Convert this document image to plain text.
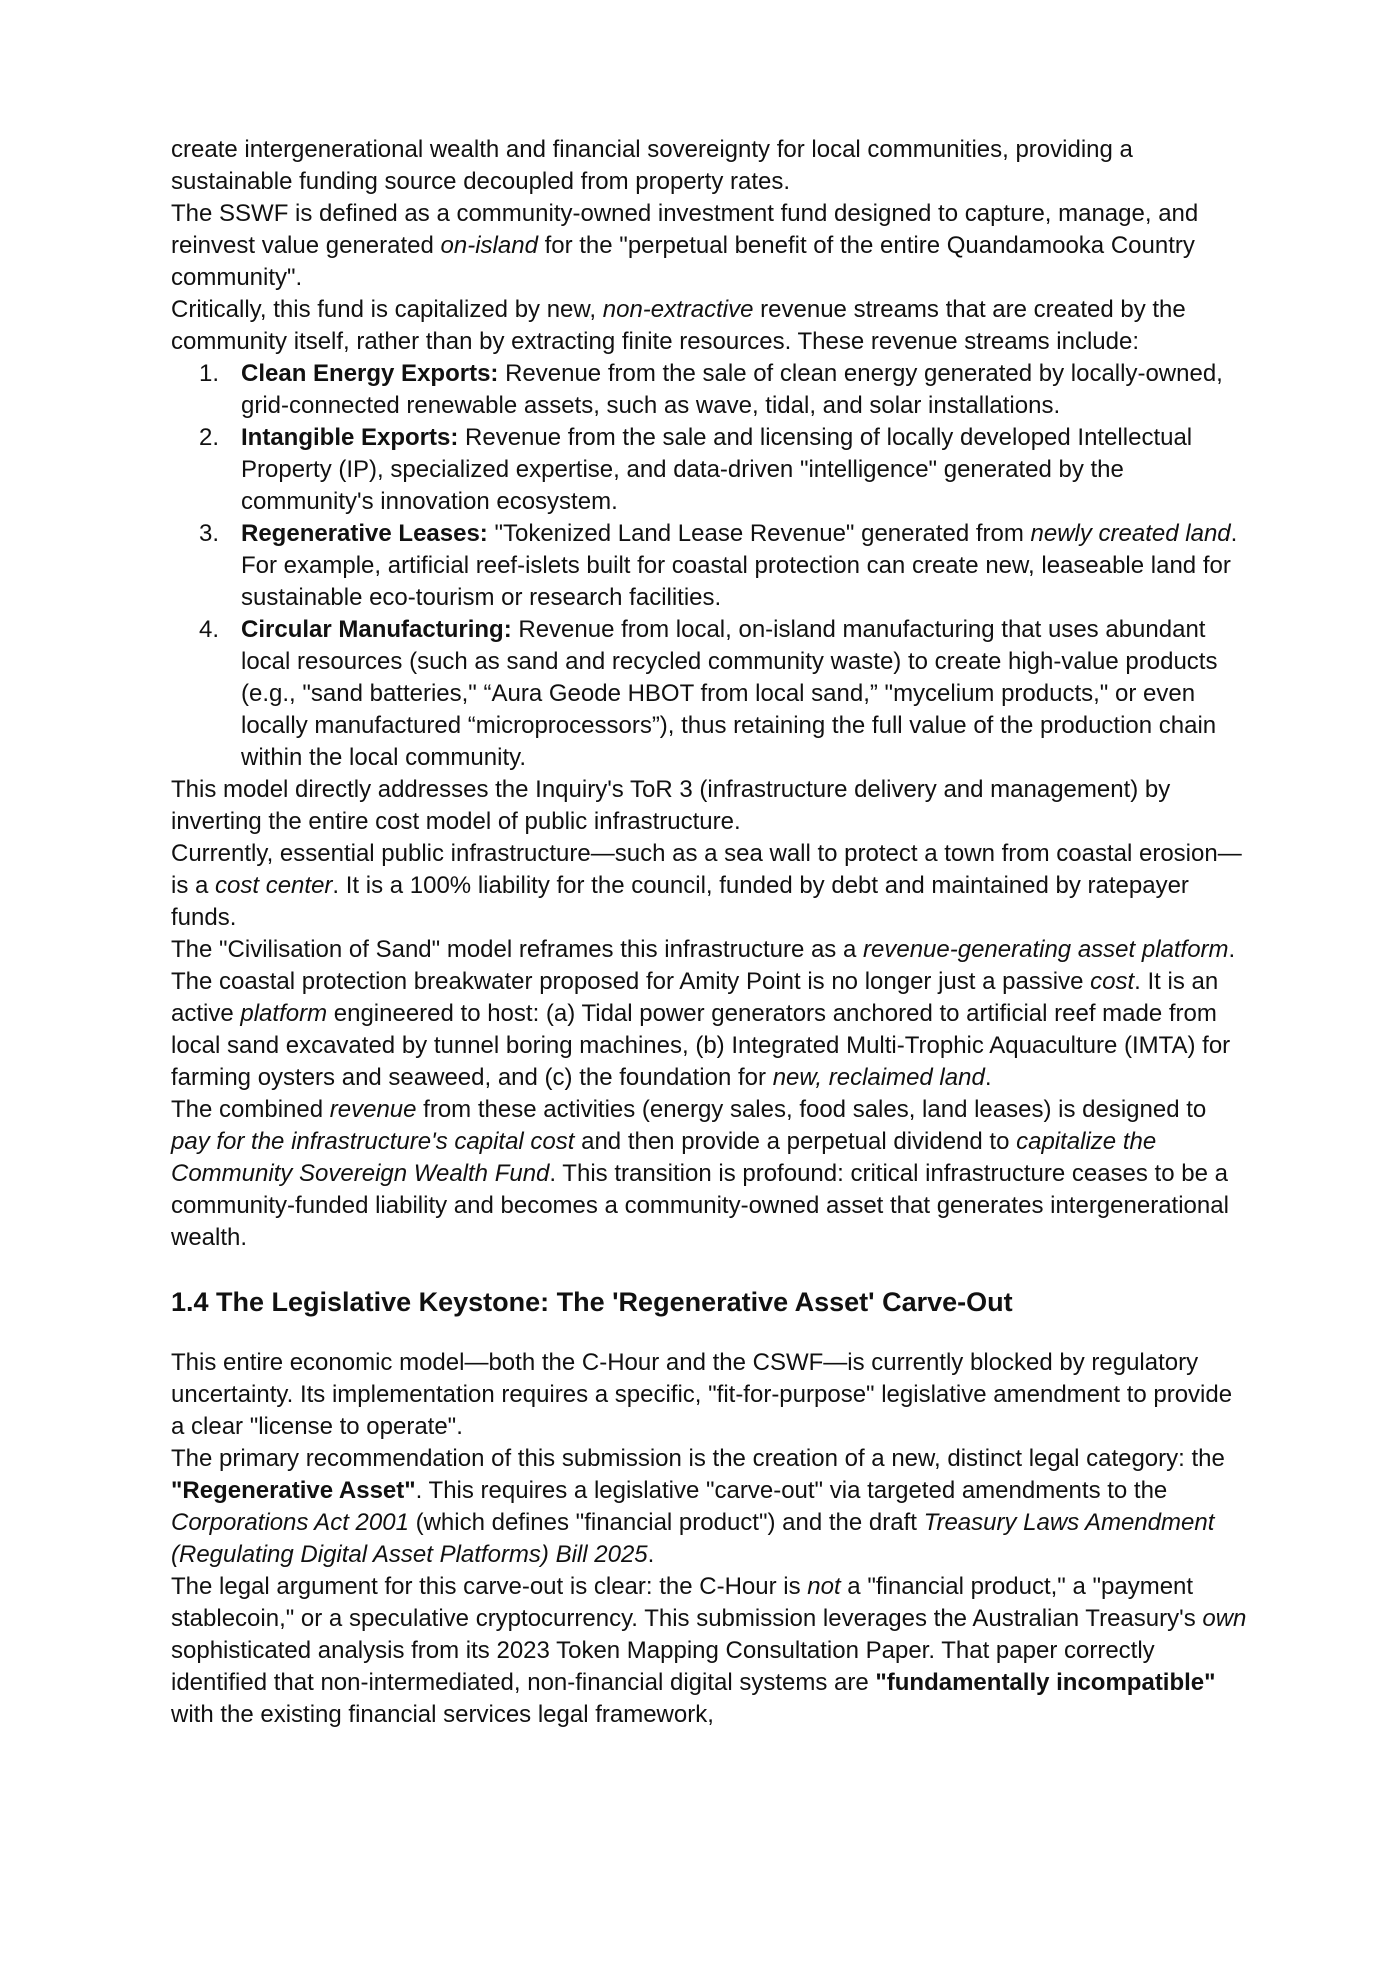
create intergenerational wealth and financial sovereignty for local communities, providing a sustainable funding source decoupled from property rates.

The SSWF is defined as a community-owned investment fund designed to capture, manage, and reinvest value generated on-island for the "perpetual benefit of the entire Quandamooka Country community".

Critically, this fund is capitalized by new, non-extractive revenue streams that are created by the community itself, rather than by extracting finite resources. These revenue streams include:

1. Clean Energy Exports: Revenue from the sale of clean energy generated by locally-owned, grid-connected renewable assets, such as wave, tidal, and solar installations.
2. Intangible Exports: Revenue from the sale and licensing of locally developed Intellectual Property (IP), specialized expertise, and data-driven "intelligence" generated by the community's innovation ecosystem.
3. Regenerative Leases: "Tokenized Land Lease Revenue" generated from newly created land. For example, artificial reef-islets built for coastal protection can create new, leaseable land for sustainable eco-tourism or research facilities.
4. Circular Manufacturing: Revenue from local, on-island manufacturing that uses abundant local resources (such as sand and recycled community waste) to create high-value products (e.g., "sand batteries," “Aura Geode HBOT from local sand,” "mycelium products," or even locally manufactured “microprocessors”), thus retaining the full value of the production chain within the local community.

This model directly addresses the Inquiry's ToR 3 (infrastructure delivery and management) by inverting the entire cost model of public infrastructure.

Currently, essential public infrastructure—such as a sea wall to protect a town from coastal erosion—is a cost center. It is a 100% liability for the council, funded by debt and maintained by ratepayer funds.

The "Civilisation of Sand" model reframes this infrastructure as a revenue-generating asset platform. The coastal protection breakwater proposed for Amity Point is no longer just a passive cost. It is an active platform engineered to host: (a) Tidal power generators anchored to artificial reef made from local sand excavated by tunnel boring machines, (b) Integrated Multi-Trophic Aquaculture (IMTA) for farming oysters and seaweed, and (c) the foundation for new, reclaimed land.

The combined revenue from these activities (energy sales, food sales, land leases) is designed to pay for the infrastructure's capital cost and then provide a perpetual dividend to capitalize the Community Sovereign Wealth Fund. This transition is profound: critical infrastructure ceases to be a community-funded liability and becomes a community-owned asset that generates intergenerational wealth.

1.4 The Legislative Keystone: The 'Regenerative Asset' Carve-Out

This entire economic model—both the C-Hour and the CSWF—is currently blocked by regulatory uncertainty. Its implementation requires a specific, "fit-for-purpose" legislative amendment to provide a clear "license to operate".

The primary recommendation of this submission is the creation of a new, distinct legal category: the "Regenerative Asset". This requires a legislative "carve-out" via targeted amendments to the Corporations Act 2001 (which defines "financial product") and the draft Treasury Laws Amendment (Regulating Digital Asset Platforms) Bill 2025.

The legal argument for this carve-out is clear: the C-Hour is not a "financial product," a "payment stablecoin," or a speculative cryptocurrency. This submission leverages the Australian Treasury's own sophisticated analysis from its 2023 Token Mapping Consultation Paper. That paper correctly identified that non-intermediated, non-financial digital systems are "fundamentally incompatible" with the existing financial services legal framework,
